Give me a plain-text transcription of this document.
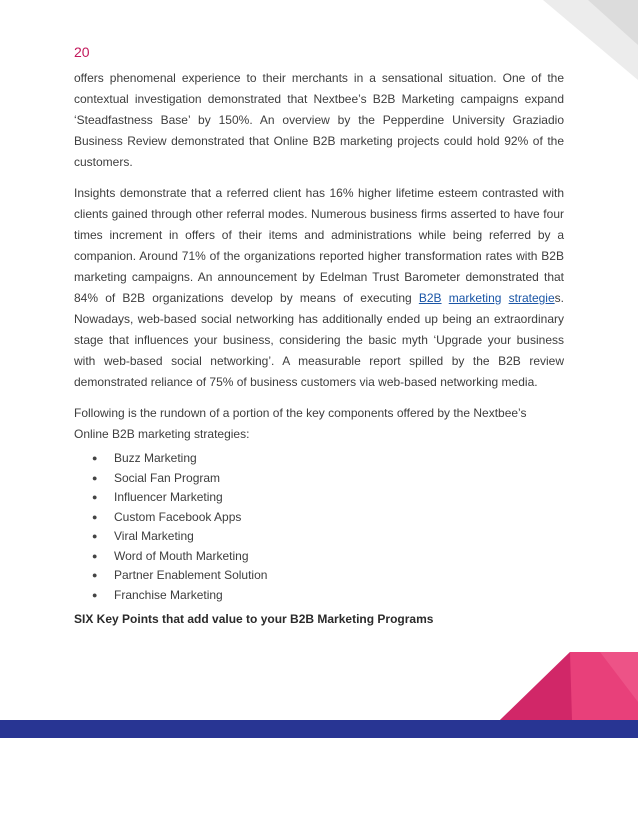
20

offers phenomenal experience to their merchants in a sensational situation. One of the contextual investigation demonstrated that Nextbee’s B2B Marketing campaigns expand ‘Steadfastness Base’ by 150%. An overview by the Pepperdine University Graziadio Business Review demonstrated that Online B2B marketing projects could hold 92% of the customers.

Insights demonstrate that a referred client has 16% higher lifetime esteem contrasted with clients gained through other referral modes. Numerous business firms asserted to have four times increment in offers of their items and administrations while being referred by a companion. Around 71% of the organizations reported higher transformation rates with B2B marketing campaigns. An announcement by Edelman Trust Barometer demonstrated that 84% of B2B organizations develop by means of executing B2B marketing strategies. Nowadays, web-based social networking has additionally ended up being an extraordinary stage that influences your business, considering the basic myth ‘Upgrade your business with web-based social networking’. A measurable report spilled by the B2B review demonstrated reliance of 75% of business customers via web-based networking media.

Following is the rundown of a portion of the key components offered by the Nextbee’s Online B2B marketing strategies:

● Buzz Marketing
● Social Fan Program
● Influencer Marketing
● Custom Facebook Apps
● Viral Marketing
● Word of Mouth Marketing
● Partner Enablement Solution
● Franchise Marketing
SIX Key Points that add value to your B2B Marketing Programs
